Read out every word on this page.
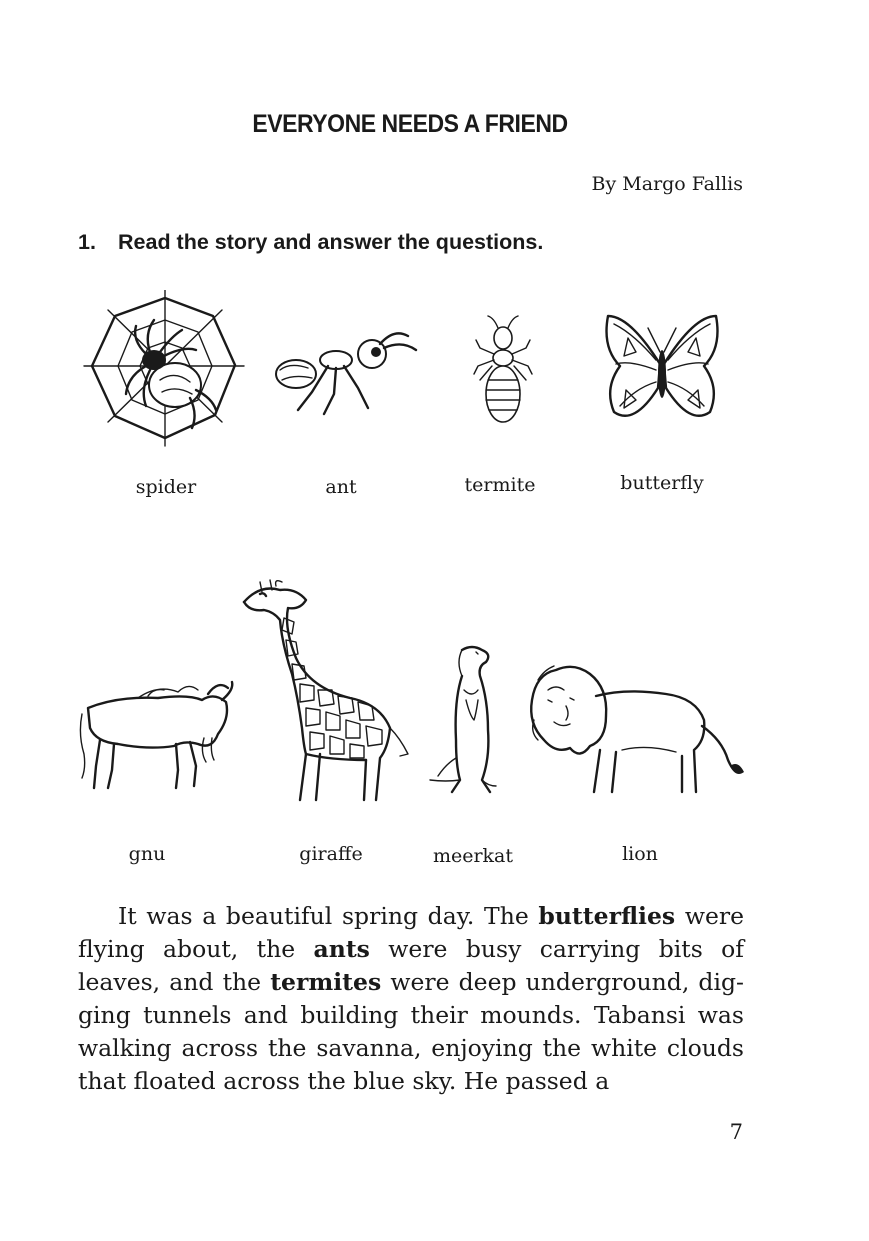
EVERYONE NEEDS A FRIEND
By Margo Fallis
1. Read the story and answer the questions.
spider	ant	termite	butterfly
gnu	giraffe	meerkat	lion

It was a beautiful spring day. The butterflies were flying about, the ants were busy carrying bits of leaves, and the termites were deep underground, digging tunnels and building their mounds. Tabansi was walking across the savanna, enjoying the white clouds that floated across the blue sky. He passed a

7
